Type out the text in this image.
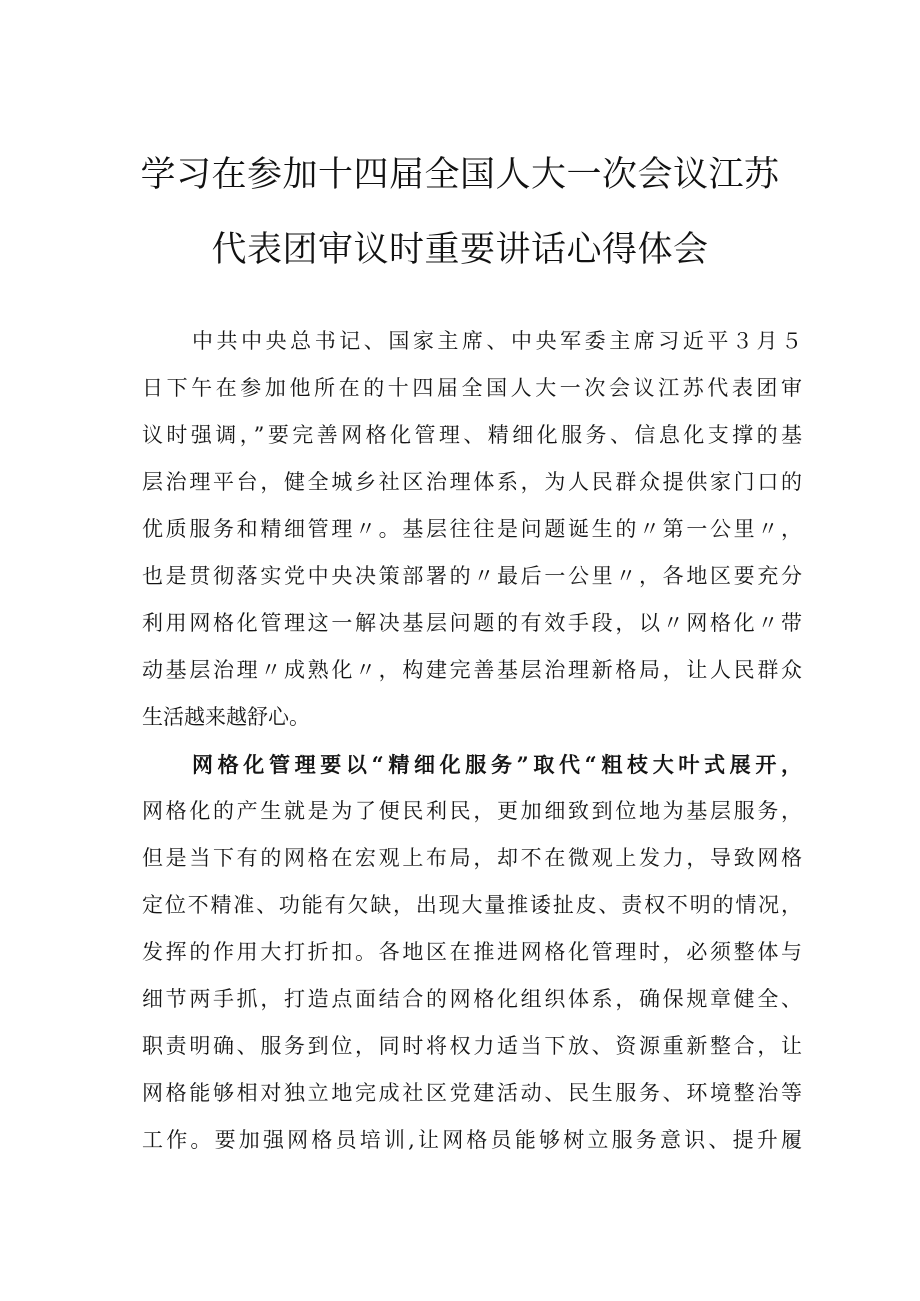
学习在参加十四届全国人大一次会议江苏
代表团审议时重要讲话心得体会
中共中央总书记、国家主席、中央军委主席习近平３月５
日下午在参加他所在的十四届全国人大一次会议江苏代表团审
议时强调，”要完善网格化管理、精细化服务、信息化支撑的基
层治理平台，健全城乡社区治理体系，为人民群众提供家门口的
优质服务和精细管理〃。基层往往是问题诞生的〃第一公里〃，
也是贯彻落实党中央决策部署的〃最后一公里〃，各地区要充分
利用网格化管理这一解决基层问题的有效手段，以〃网格化〃带
动基层治理〃成熟化〃，构建完善基层治理新格局，让人民群众
生活越来越舒心。
网格化管理要以“精细化服务”取代“粗枝大叶式展开，
网格化的产生就是为了便民利民，更加细致到位地为基层服务，
但是当下有的网格在宏观上布局，却不在微观上发力，导致网格
定位不精准、功能有欠缺，出现大量推诿扯皮、责权不明的情况，
发挥的作用大打折扣。各地区在推进网格化管理时，必须整体与
细节两手抓，打造点面结合的网格化组织体系，确保规章健全、
职责明确、服务到位，同时将权力适当下放、资源重新整合，让
网格能够相对独立地完成社区党建活动、民生服务、环境整治等
工作。要加强网格员培训,让网格员能够树立服务意识、提升履
